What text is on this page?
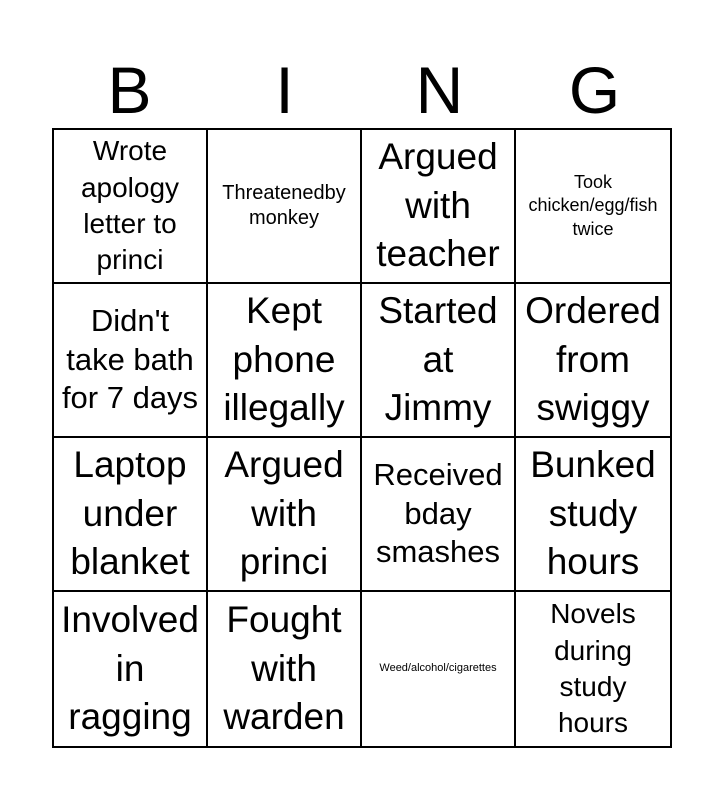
B	I	N	G
Wrote
apology
letter to
princi
Threatenedby
monkey
Argued
with
teacher
Took
chicken/egg/fish
twice
Didn't
take bath
for 7 days
Kept
phone
illegally
Started
at
Jimmy
Ordered
from
swiggy
Laptop
under
blanket
Argued
with
princi
Received
bday
smashes
Bunked
study
hours
Involved
in
ragging
Fought
with
warden
Weed/alcohol/cigarettes
Novels
during
study
hours
